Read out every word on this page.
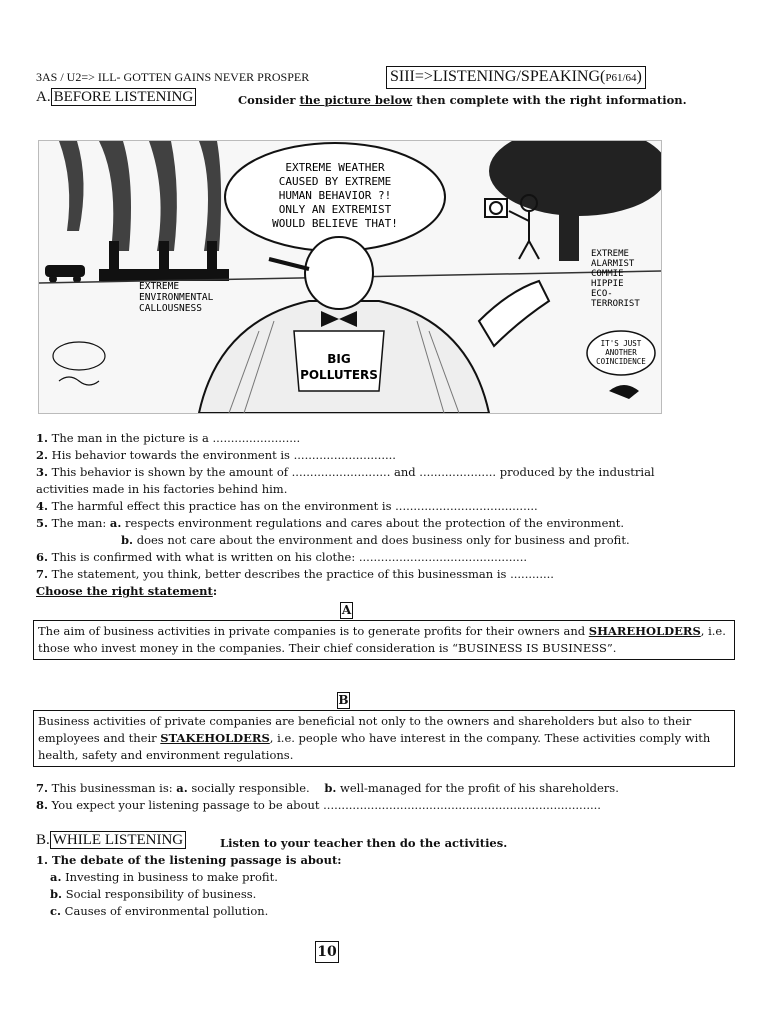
3AS / U2=> ILL- GOTTEN GAINS NEVER PROSPER	SIII=>LISTENING/SPEAKING(P61/64)
A. BEFORE LISTENING	Consider the picture below then complete with the right information.
EXTREME WEATHER
CAUSED BY EXTREME
HUMAN BEHAVIOR ?!
ONLY AN EXTREMIST
WOULD BELIEVE THAT!
EXTREME
ENVIRONMENTAL
CALLOUSNESS
EXTREME
ALARMIST
COMMIE
HIPPIE
ECO-
TERRORIST
BIG
POLLUTERS
IT'S JUST
ANOTHER
COINCIDENCE
1. The man in the picture is a ........................
2. His behavior towards the environment is ............................
3. This behavior is shown by the amount of ........................... and ..................... produced by the industrial
activities made in his factories behind him.
4. The harmful effect this practice has on the environment is .......................................
5. The man: a. respects environment regulations and cares about the protection of the environment.
b. does not care about the environment and does business only for business and profit.
6. This is confirmed with what is written on his clothe: ..............................................
7. The statement, you think, better describes the practice of this businessman is ............
Choose the right statement:
A
The aim of business activities in private companies is to generate profits for their owners and SHAREHOLDERS, i.e. those who invest money in the companies. Their chief consideration is “BUSINESS IS BUSINESS”.
B
Business activities of private companies are beneficial not only to the owners and shareholders but also to their employees and their STAKEHOLDERS, i.e. people who have interest in the company. These activities comply with health, safety and environment regulations.
7. This businessman is: a. socially responsible. b. well-managed for the profit of his shareholders.
8. You expect your listening passage to be about ............................................................................
B. WHILE LISTENING	Listen to your teacher then do the activities.
1. The debate of the listening passage is about:
a. Investing in business to make profit.
b. Social responsibility of business.
c. Causes of environmental pollution.
10
